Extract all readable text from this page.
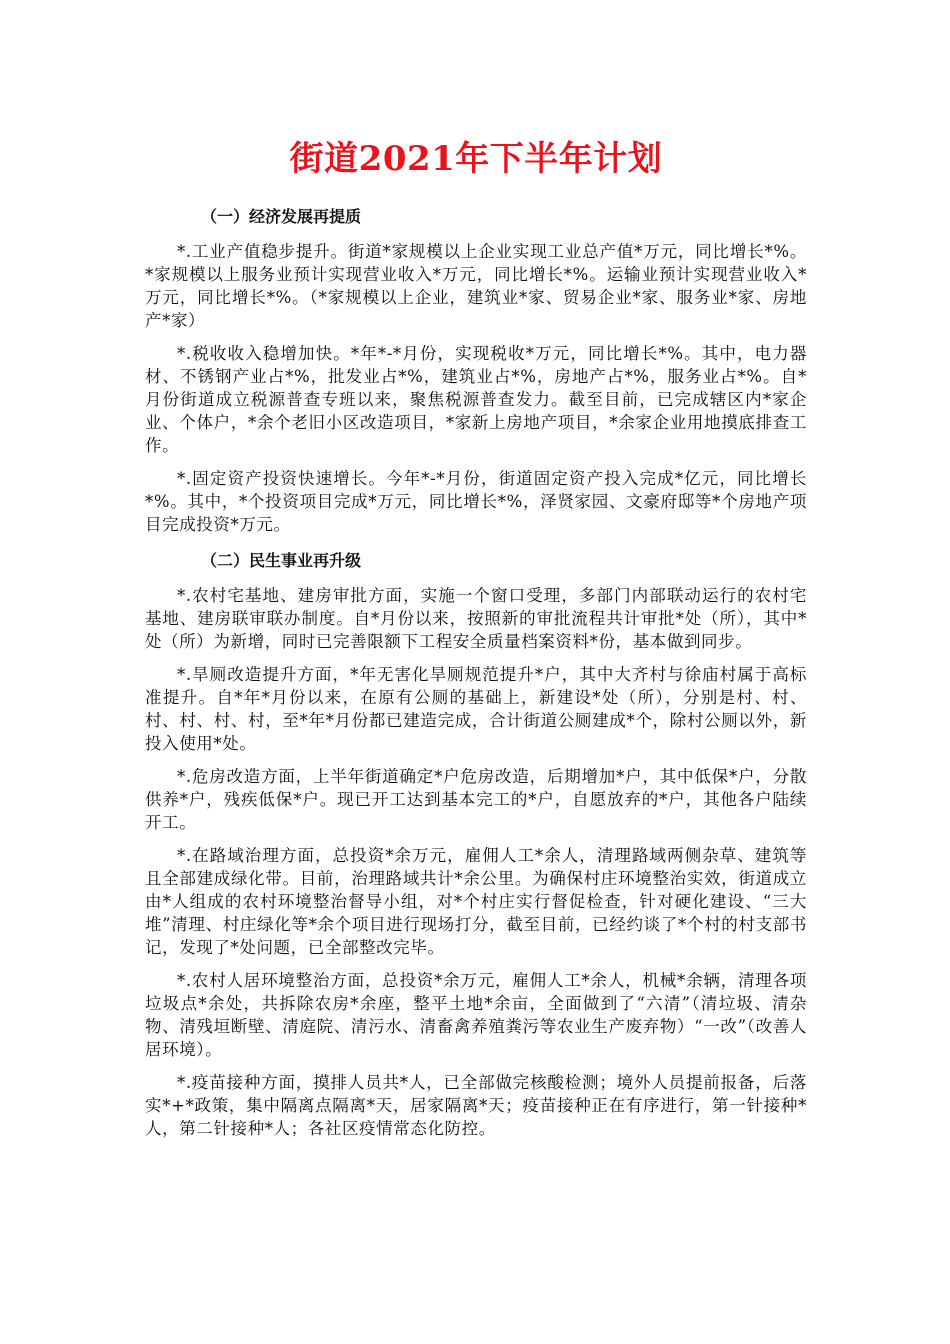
街道2021年下半年计划
（一）经济发展再提质

*.工业产值稳步提升。街道*家规模以上企业实现工业总产值*万元，同比增长*%。*家规模以上服务业预计实现营业收入*万元，同比增长*%。运输业预计实现营业收入*万元，同比增长*%。（*家规模以上企业，建筑业*家、贸易企业*家、服务业*家、房地产*家）

*.税收收入稳增加快。*年*-*月份，实现税收*万元，同比增长*%。其中，电力器材、不锈钢产业占*%，批发业占*%，建筑业占*%，房地产占*%，服务业占*%。自*月份街道成立税源普查专班以来，聚焦税源普查发力。截至目前，已完成辖区内*家企业、个体户，*余个老旧小区改造项目，*家新上房地产项目，*余家企业用地摸底排查工作。

*.固定资产投资快速增长。今年*-*月份，街道固定资产投入完成*亿元，同比增长*%。其中，*个投资项目完成*万元，同比增长*%，泽贤家园、文豪府邸等*个房地产项目完成投资*万元。

（二）民生事业再升级

*.农村宅基地、建房审批方面，实施一个窗口受理，多部门内部联动运行的农村宅基地、建房联审联办制度。自*月份以来，按照新的审批流程共计审批*处（所），其中*处（所）为新增，同时已完善限额下工程安全质量档案资料*份，基本做到同步。

*.旱厕改造提升方面，*年无害化旱厕规范提升*户，其中大齐村与徐庙村属于高标准提升。自*年*月份以来，在原有公厕的基础上，新建设*处（所），分别是村、村、村、村、村、村，至*年*月份都已建造完成，合计街道公厕建成*个，除村公厕以外，新投入使用*处。

*.危房改造方面，上半年街道确定*户危房改造，后期增加*户，其中低保*户，分散供养*户，残疾低保*户。现已开工达到基本完工的*户，自愿放弃的*户，其他各户陆续开工。

*.在路域治理方面，总投资*余万元，雇佣人工*余人，清理路域两侧杂草、建筑等且全部建成绿化带。目前，治理路域共计*余公里。为确保村庄环境整治实效，街道成立由*人组成的农村环境整治督导小组，对*个村庄实行督促检查，针对硬化建设、“三大堆”清理、村庄绿化等*余个项目进行现场打分，截至目前，已经约谈了*个村的村支部书记，发现了*处问题，已全部整改完毕。

*.农村人居环境整治方面，总投资*余万元，雇佣人工*余人，机械*余辆，清理各项垃圾点*余处，共拆除农房*余座，整平土地*余亩，全面做到了“六清”（清垃圾、清杂物、清残垣断壁、清庭院、清污水、清畜禽养殖粪污等农业生产废弃物）“一改”（改善人居环境）。

*.疫苗接种方面，摸排人员共*人，已全部做完核酸检测；境外人员提前报备，后落实*+*政策，集中隔离点隔离*天，居家隔离*天；疫苗接种正在有序进行，第一针接种*人，第二针接种*人；各社区疫情常态化防控。
